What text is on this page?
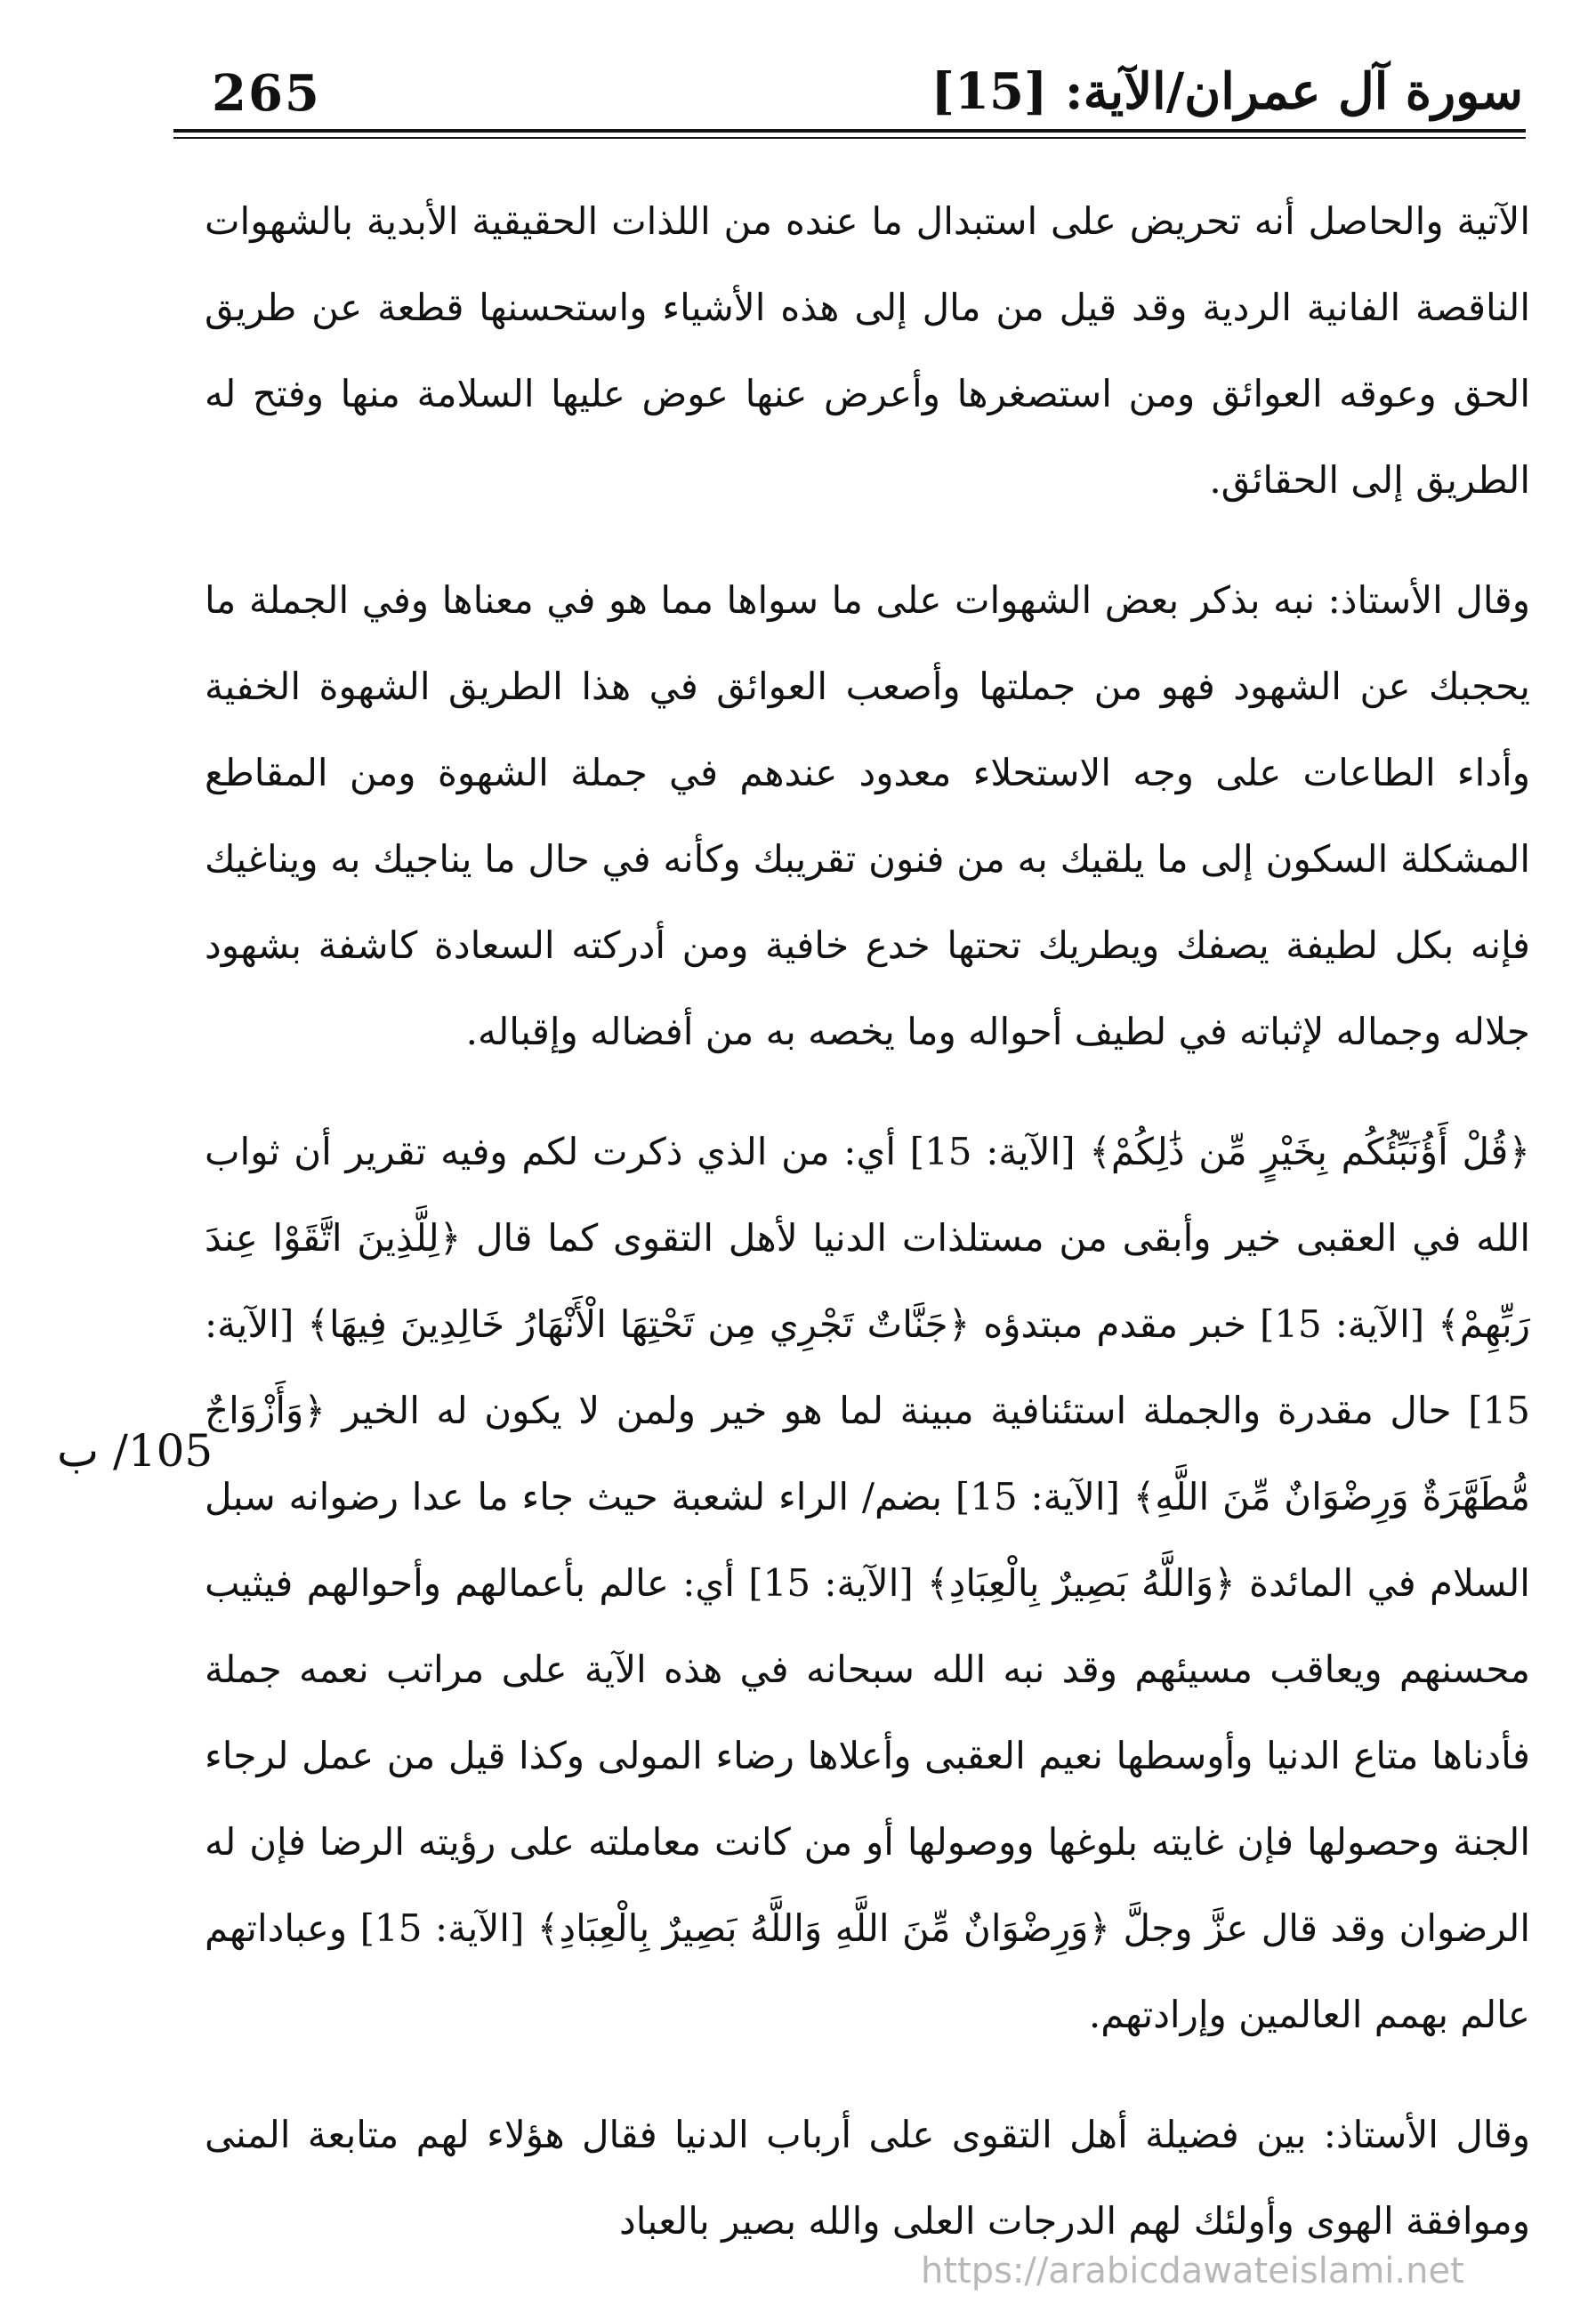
265	سورة آل عمران/الآية: [15]
105/ ب

الآتية والحاصل أنه تحريض على استبدال ما عنده من اللذات الحقيقية الأبدية بالشهوات الناقصة الفانية الردية وقد قيل من مال إلى هذه الأشياء واستحسنها قطعة عن طريق الحق وعوقه العوائق ومن استصغرها وأعرض عنها عوض عليها السلامة منها وفتح له الطريق إلى الحقائق.

وقال الأستاذ: نبه بذكر بعض الشهوات على ما سواها مما هو في معناها وفي الجملة ما يحجبك عن الشهود فهو من جملتها وأصعب العوائق في هذا الطريق الشهوة الخفية وأداء الطاعات على وجه الاستحلاء معدود عندهم في جملة الشهوة ومن المقاطع المشكلة السكون إلى ما يلقيك به من فنون تقريبك وكأنه في حال ما يناجيك به ويناغيك فإنه بكل لطيفة يصفك ويطريك تحتها خدع خافية ومن أدركته السعادة كاشفة بشهود جلاله وجماله لإثباته في لطيف أحواله وما يخصه به من أفضاله وإقباله.

﴿قُلْ أَؤُنَبِّئُكُم بِخَيْرٍ مِّن ذَٰلِكُمْ﴾ [الآية: 15] أي: من الذي ذكرت لكم وفيه تقرير أن ثواب الله في العقبى خير وأبقى من مستلذات الدنيا لأهل التقوى كما قال ﴿لِلَّذِينَ اتَّقَوْا عِندَ رَبِّهِمْ﴾ [الآية: 15] خبر مقدم مبتدؤه ﴿جَنَّاتٌ تَجْرِي مِن تَحْتِهَا الْأَنْهَارُ خَالِدِينَ فِيهَا﴾ [الآية: 15] حال مقدرة والجملة استئنافية مبينة لما هو خير ولمن لا يكون له الخير ﴿وَأَزْوَاجٌ مُّطَهَّرَةٌ وَرِضْوَانٌ مِّنَ اللَّهِ﴾ [الآية: 15] بضم/ الراء لشعبة حيث جاء ما عدا رضوانه سبل السلام في المائدة ﴿وَاللَّهُ بَصِيرٌ بِالْعِبَادِ﴾ [الآية: 15] أي: عالم بأعمالهم وأحوالهم فيثيب محسنهم ويعاقب مسيئهم وقد نبه الله سبحانه في هذه الآية على مراتب نعمه جملة فأدناها متاع الدنيا وأوسطها نعيم العقبى وأعلاها رضاء المولى وكذا قيل من عمل لرجاء الجنة وحصولها فإن غايته بلوغها ووصولها أو من كانت معاملته على رؤيته الرضا فإن له الرضوان وقد قال عزَّ وجلَّ ﴿وَرِضْوَانٌ مِّنَ اللَّهِ وَاللَّهُ بَصِيرٌ بِالْعِبَادِ﴾ [الآية: 15] وعباداتهم عالم بهمم العالمين وإرادتهم.

وقال الأستاذ: بين فضيلة أهل التقوى على أرباب الدنيا فقال هؤلاء لهم متابعة المنى وموافقة الهوى وأولئك لهم الدرجات العلى والله بصير بالعباد

https://arabicdawateislami.net
